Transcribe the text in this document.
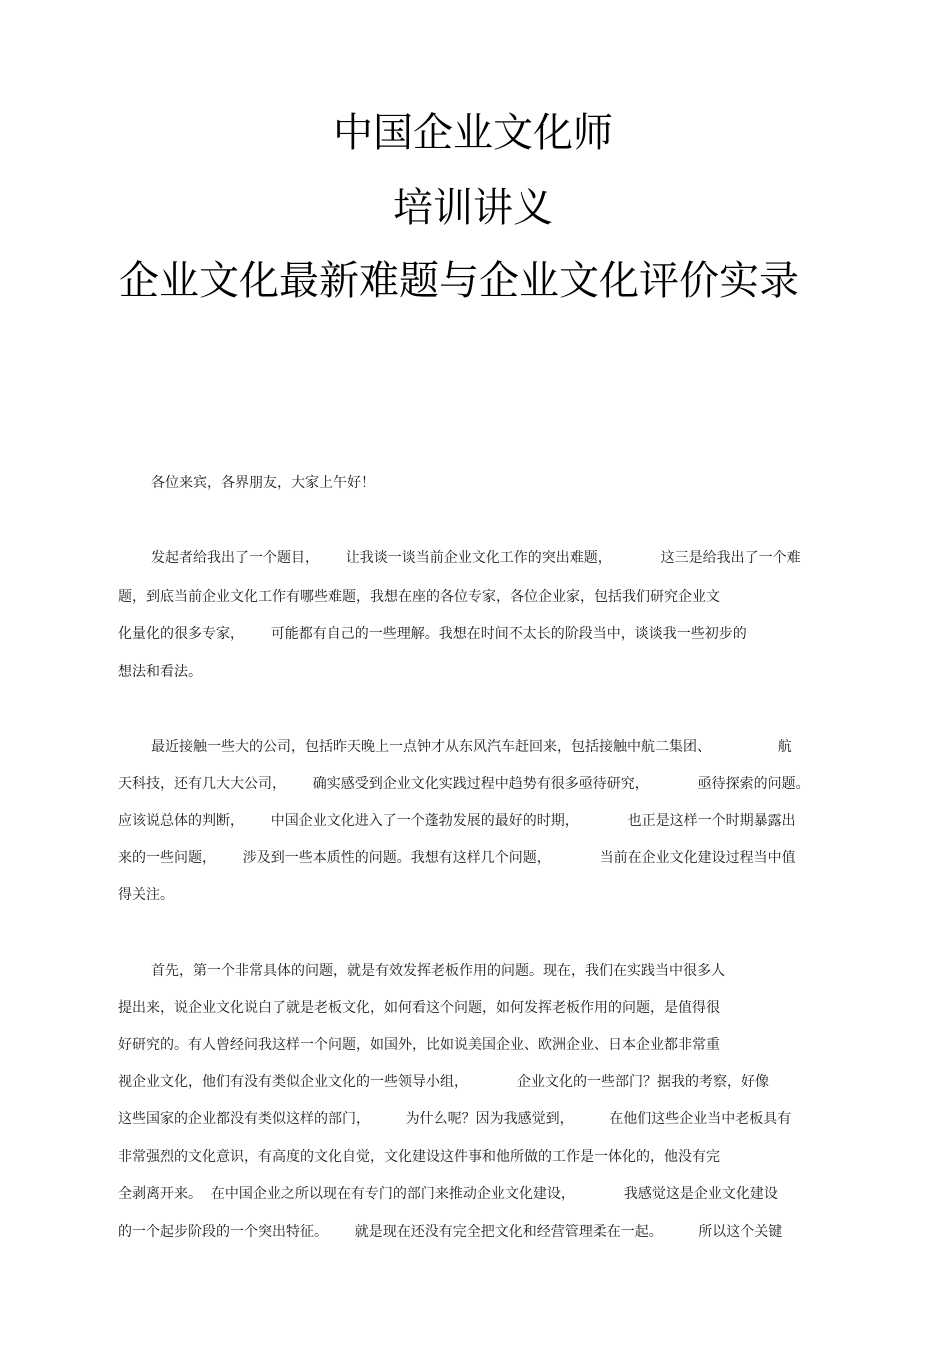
中国企业文化师
培训讲义
企业文化最新难题与企业文化评价实录
各位来宾，各界朋友，大家上午好！
发起者给我出了一个题目，      让我谈一谈当前企业文化工作的突出难题，           这三是给我出了一个难
题，到底当前企业文化工作有哪些难题，我想在座的各位专家，各位企业家，包括我们研究企业文
化量化的很多专家，      可能都有自己的一些理解。我想在时间不太长的阶段当中，谈谈我一些初步的
想法和看法。
最近接触一些大的公司，包括昨天晚上一点钟才从东风汽车赶回来，包括接触中航二集团、               航
天科技，还有几大大公司，      确实感受到企业文化实践过程中趋势有很多亟待研究，           亟待探索的问题。
应该说总体的判断，      中国企业文化进入了一个蓬勃发展的最好的时期，           也正是这样一个时期暴露出
来的一些问题，      涉及到一些本质性的问题。我想有这样几个问题，           当前在企业文化建设过程当中值
得关注。
首先，第一个非常具体的问题，就是有效发挥老板作用的问题。现在，我们在实践当中很多人
提出来，说企业文化说白了就是老板文化，如何看这个问题，如何发挥老板作用的问题，是值得很
好研究的。有人曾经问我这样一个问题，如国外，比如说美国企业、欧洲企业、日本企业都非常重
视企业文化，他们有没有类似企业文化的一些领导小组，           企业文化的一些部门？据我的考察，好像
这些国家的企业都没有类似这样的部门，        为什么呢？因为我感觉到，        在他们这些企业当中老板具有
非常强烈的文化意识，有高度的文化自觉，文化建设这件事和他所做的工作是一体化的，他没有完
全剥离开来。  在中国企业之所以现在有专门的部门来推动企业文化建设，           我感觉这是企业文化建设
的一个起步阶段的一个突出特征。      就是现在还没有完全把文化和经营管理柔在一起。        所以这个关键
